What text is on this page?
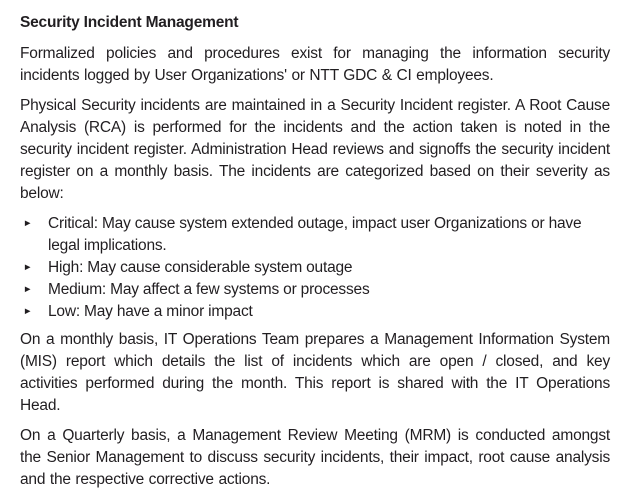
Security Incident Management

Formalized policies and procedures exist for managing the information security incidents logged by User Organizations' or NTT GDC & CI employees.

Physical Security incidents are maintained in a Security Incident register. A Root Cause Analysis (RCA) is performed for the incidents and the action taken is noted in the security incident register. Administration Head reviews and signoffs the security incident register on a monthly basis. The incidents are categorized based on their severity as below:

►	Critical: May cause system extended outage, impact user Organizations or have legal implications.
►	High: May cause considerable system outage
►	Medium: May affect a few systems or processes
►	Low: May have a minor impact

On a monthly basis, IT Operations Team prepares a Management Information System (MIS) report which details the list of incidents which are open / closed, and key activities performed during the month. This report is shared with the IT Operations Head.

On a Quarterly basis, a Management Review Meeting (MRM) is conducted amongst the Senior Management to discuss security incidents, their impact, root cause analysis and the respective corrective actions.
